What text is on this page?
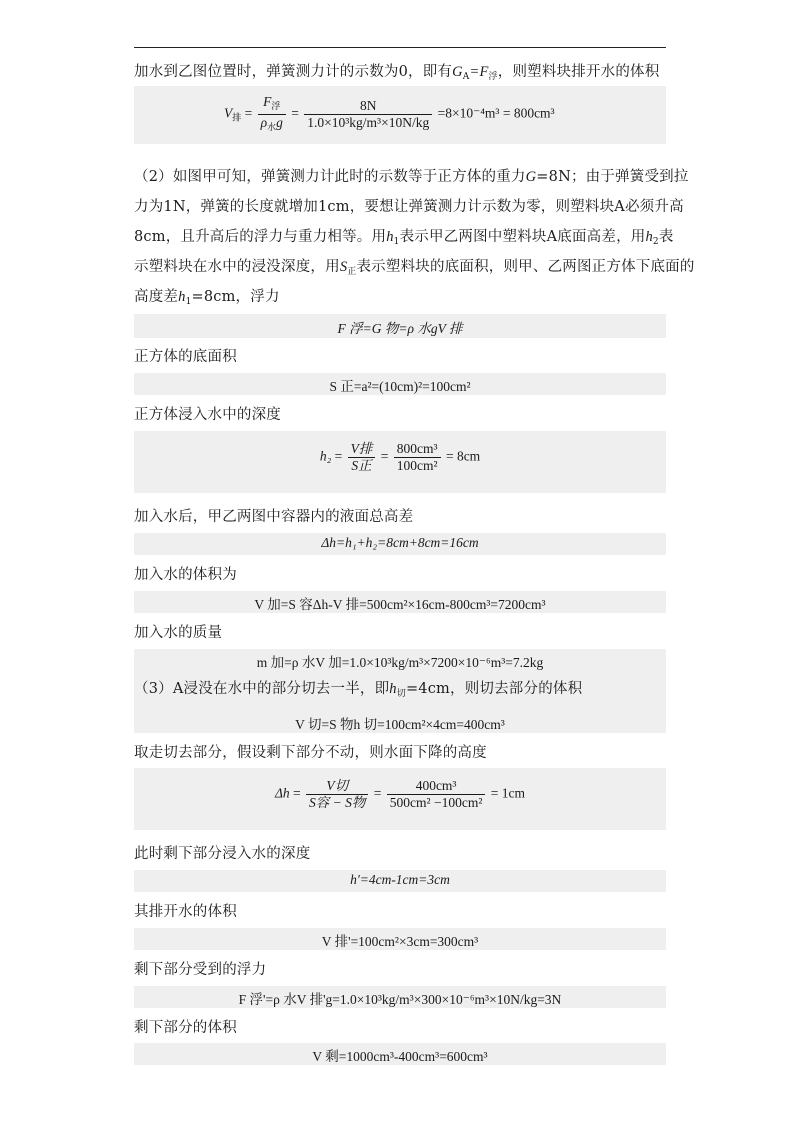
加水到乙图位置时，弹簧测力计的示数为0，即有$G_A=F_浮$，则塑料块排开水的体积
$V_排 = \frac{F_浮}{\rho_水g} = \frac{8N}{\text{1.0×10³kg/m³×10N/kg}} =8\times 10^{-4}m^3 = 800cm^3$
（2）如图甲可知，弹簧测力计此时的示数等于正方体的重力G=8N；由于弹簧受到拉
力为1N，弹簧的长度就增加1cm，要想让弹簧测力计示数为零，则塑料块A必须升高
8cm，且升高后的浮力与重力相等。用$h_1$表示甲乙两图中塑料块A底面高差，用$h_2$表
示塑料块在水中的浸没深度，用$S_正$表示塑料块的底面积，则甲、乙两图正方体下底面的
高度差$h_1=8cm$，浮力
F 浮=G 物=ρ 水gV 排
正方体的底面积
S 正=a²=(10cm)²=100cm²
正方体浸入水中的深度
$h_2 = \frac{\text{V排}}{\text{S正}} = \frac{\text{800cm³}}{\text{100cm²}} = 8cm$
加入水后，甲乙两图中容器内的液面总高差
Δh=h₁+h₂=8cm+8cm=16cm
加入水的体积为
V 加=S 容Δh-V 排=500cm²×16cm-800cm³=7200cm³
加入水的质量
m 加=ρ 水V 加=1.0×10³kg/m³×7200×10⁻⁶m³=7.2kg
（3）A浸没在水中的部分切去一半，即$h_切=4cm$，则切去部分的体积
V 切=S 物h 切=100cm²×4cm=400cm³
取走切去部分，假设剩下部分不动，则水面下降的高度
$\Delta h = \frac{\text{V切}}{\text{S容 − S物}} = \frac{\text{400cm³}}{\text{500cm² −100cm²}} = 1cm$
此时剩下部分浸入水的深度
h'=4cm-1cm=3cm
其排开水的体积
V 排'=100cm²×3cm=300cm³
剩下部分受到的浮力
F 浮'=ρ 水V 排'g=1.0×10³kg/m³×300×10⁻⁶m³×10N/kg=3N
剩下部分的体积
V 剩=1000cm³-400cm³=600cm³
